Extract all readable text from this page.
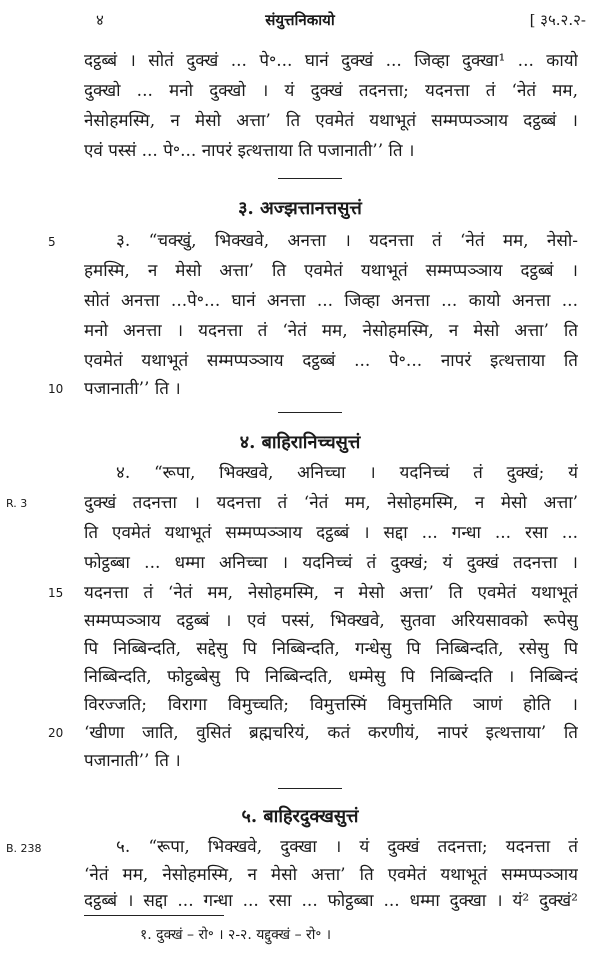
४	संयुत्तनिकायो	[ ३५.२.२-
दट्ठब्बं । सोतं दुक्खं ... पे॰... घानं दुक्खं ... जिव्हा दुक्खा¹ ... कायो
दुक्खो ... मनो दुक्खो । यं दुक्खं तदनत्ता; यदनत्ता तं ‘नेतं मम,
नेसोहमस्मि, न मेसो अत्ता’ ति एवमेतं यथाभूतं सम्मप्पञ्ञाय दट्ठब्बं ।
एवं पस्सं ... पे॰... नापरं इत्थत्ताया ति पजानाती’’ ति ।
३. अज्झत्तानत्तसुत्तं
३. “चक्खुं, भिक्खवे, अनत्ता । यदनत्ता तं ‘नेतं मम, नेसो-
हमस्मि, न मेसो अत्ता’ ति एवमेतं यथाभूतं सम्मप्पञ्ञाय दट्ठब्बं ।
सोतं अनत्ता ...पे॰... घानं अनत्ता ... जिव्हा अनत्ता ... कायो अनत्ता ...
मनो अनत्ता । यदनत्ता तं ‘नेतं मम, नेसोहमस्मि, न मेसो अत्ता’ ति
एवमेतं यथाभूतं सम्मप्पञ्ञाय दट्ठब्बं ... पे॰... नापरं इत्थत्ताया ति
पजानाती’’ ति ।
४. बाहिरानिच्चसुत्तं
४. “रूपा, भिक्खवे, अनिच्चा । यदनिच्चं तं दुक्खं; यं
दुक्खं तदनत्ता । यदनत्ता तं ‘नेतं मम, नेसोहमस्मि, न मेसो अत्ता’
ति एवमेतं यथाभूतं सम्मप्पञ्ञाय दट्ठब्बं । सद्दा ... गन्धा ... रसा ...
फोट्ठब्बा ... धम्मा अनिच्चा । यदनिच्चं तं दुक्खं; यं दुक्खं तदनत्ता ।
यदनत्ता तं ‘नेतं मम, नेसोहमस्मि, न मेसो अत्ता’ ति एवमेतं यथाभूतं
सम्मप्पञ्ञाय दट्ठब्बं । एवं पस्सं, भिक्खवे, सुतवा अरियसावको रूपेसु
पि निब्बिन्दति, सद्देसु पि निब्बिन्दति, गन्धेसु पि निब्बिन्दति, रसेसु पि
निब्बिन्दति, फोट्ठब्बेसु पि निब्बिन्दति, धम्मेसु पि निब्बिन्दति । निब्बिन्दं
विरज्जति; विरागा विमुच्चति; विमुत्तस्मिं विमुत्तमिति ञाणं होति ।
‘खीणा जाति, वुसितं ब्रह्मचरियं, कतं करणीयं, नापरं इत्थत्ताया’ ति
पजानाती’’ ति ।
५. बाहिरदुक्खसुत्तं
५. “रूपा, भिक्खवे, दुक्खा । यं दुक्खं तदनत्ता; यदनत्ता तं
‘नेतं मम, नेसोहमस्मि, न मेसो अत्ता’ ति एवमेतं यथाभूतं सम्मप्पञ्ञाय
दट्ठब्बं । सद्दा ... गन्धा ... रसा ... फोट्ठब्बा ... धम्मा दुक्खा । यं² दुक्खं²
5
10
15
20
R. 3
B. 238
१. दुक्खं – रो॰ । २-२. यद्दुक्खं – रो॰ ।
